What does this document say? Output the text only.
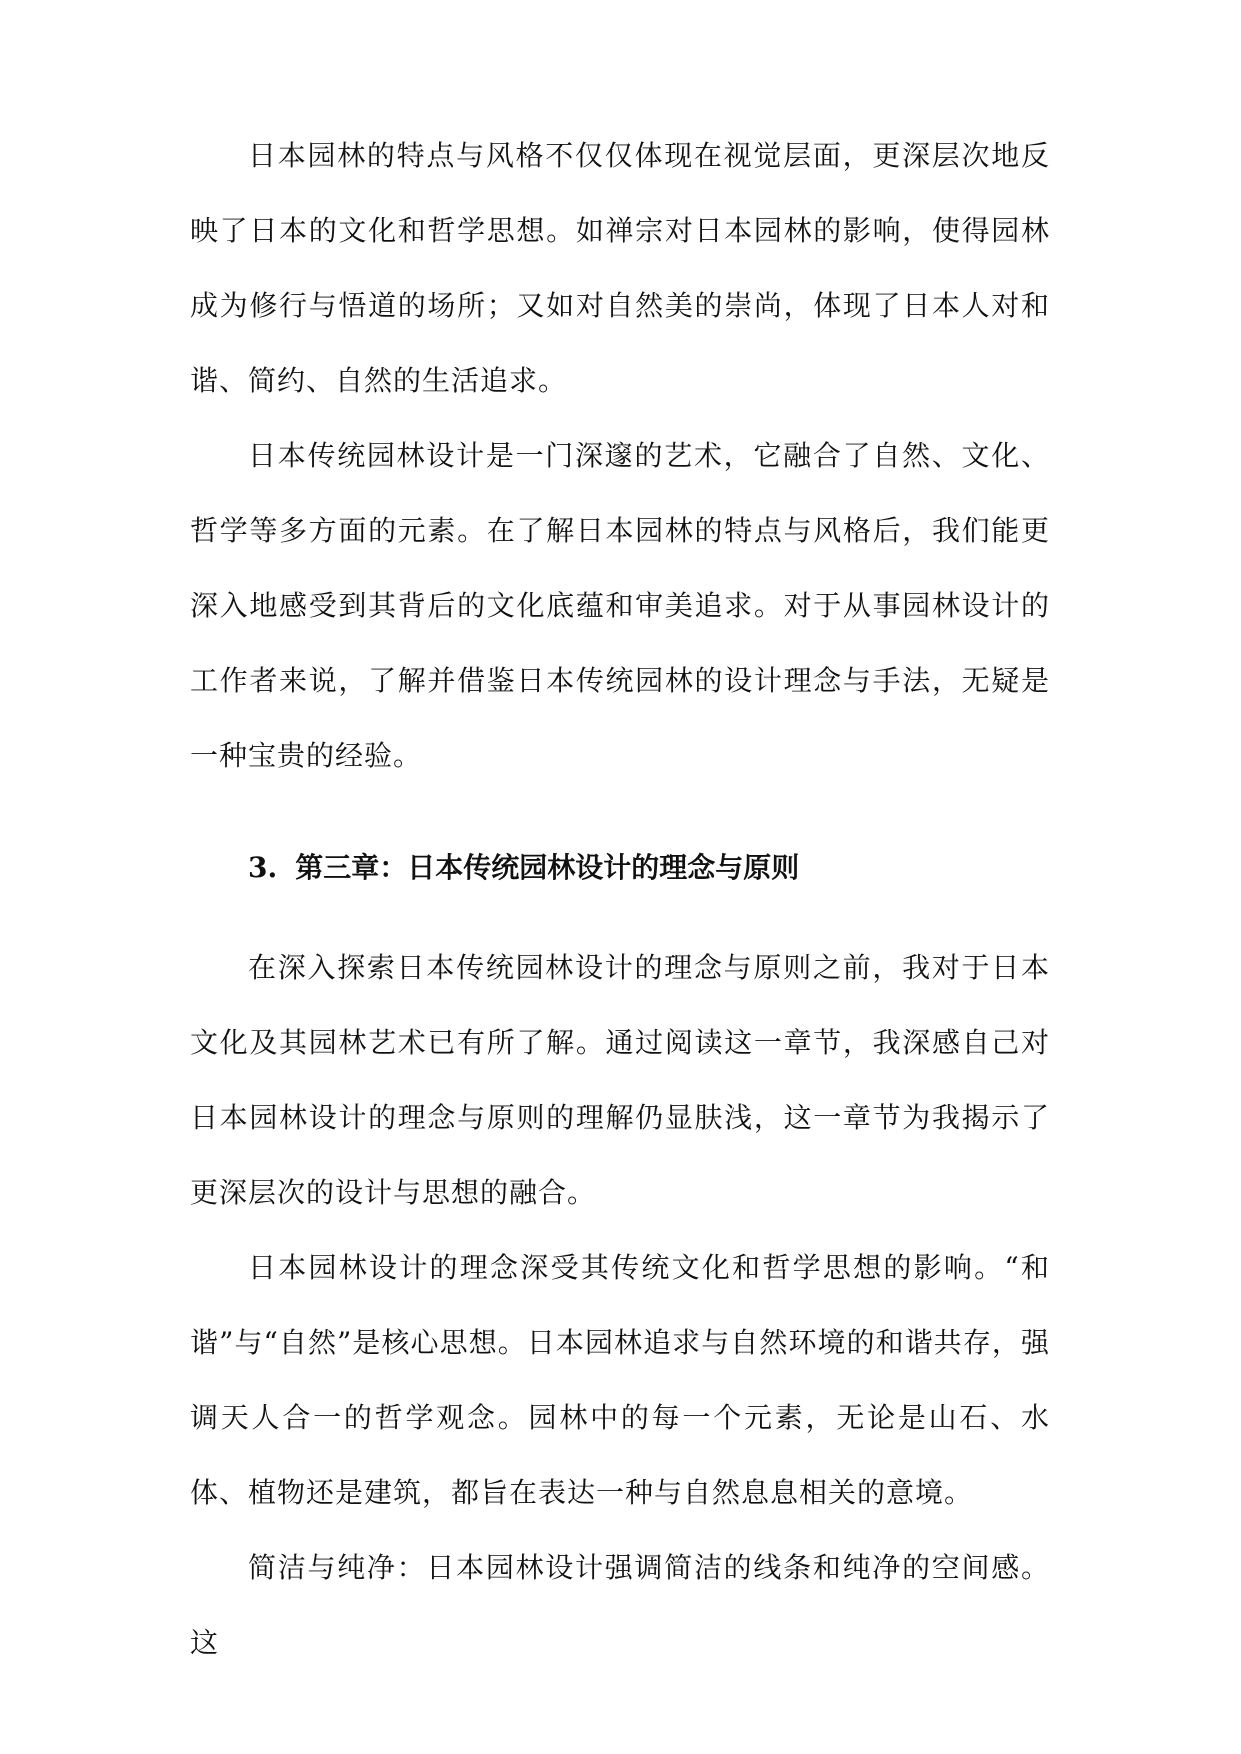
日本园林的特点与风格不仅仅体现在视觉层面，更深层次地反映了日本的文化和哲学思想。如禅宗对日本园林的影响，使得园林成为修行与悟道的场所；又如对自然美的崇尚，体现了日本人对和谐、简约、自然的生活追求。

日本传统园林设计是一门深邃的艺术，它融合了自然、文化、哲学等多方面的元素。在了解日本园林的特点与风格后，我们能更深入地感受到其背后的文化底蕴和审美追求。对于从事园林设计的工作者来说，了解并借鉴日本传统园林的设计理念与手法，无疑是一种宝贵的经验。

3. 第三章：日本传统园林设计的理念与原则

在深入探索日本传统园林设计的理念与原则之前，我对于日本文化及其园林艺术已有所了解。通过阅读这一章节，我深感自己对日本园林设计的理念与原则的理解仍显肤浅，这一章节为我揭示了更深层次的设计与思想的融合。

日本园林设计的理念深受其传统文化和哲学思想的影响。“和谐”与“自然”是核心思想。日本园林追求与自然环境的和谐共存，强调天人合一的哲学观念。园林中的每一个元素，无论是山石、水体、植物还是建筑，都旨在表达一种与自然息息相关的意境。

简洁与纯净：日本园林设计强调简洁的线条和纯净的空间感。这
